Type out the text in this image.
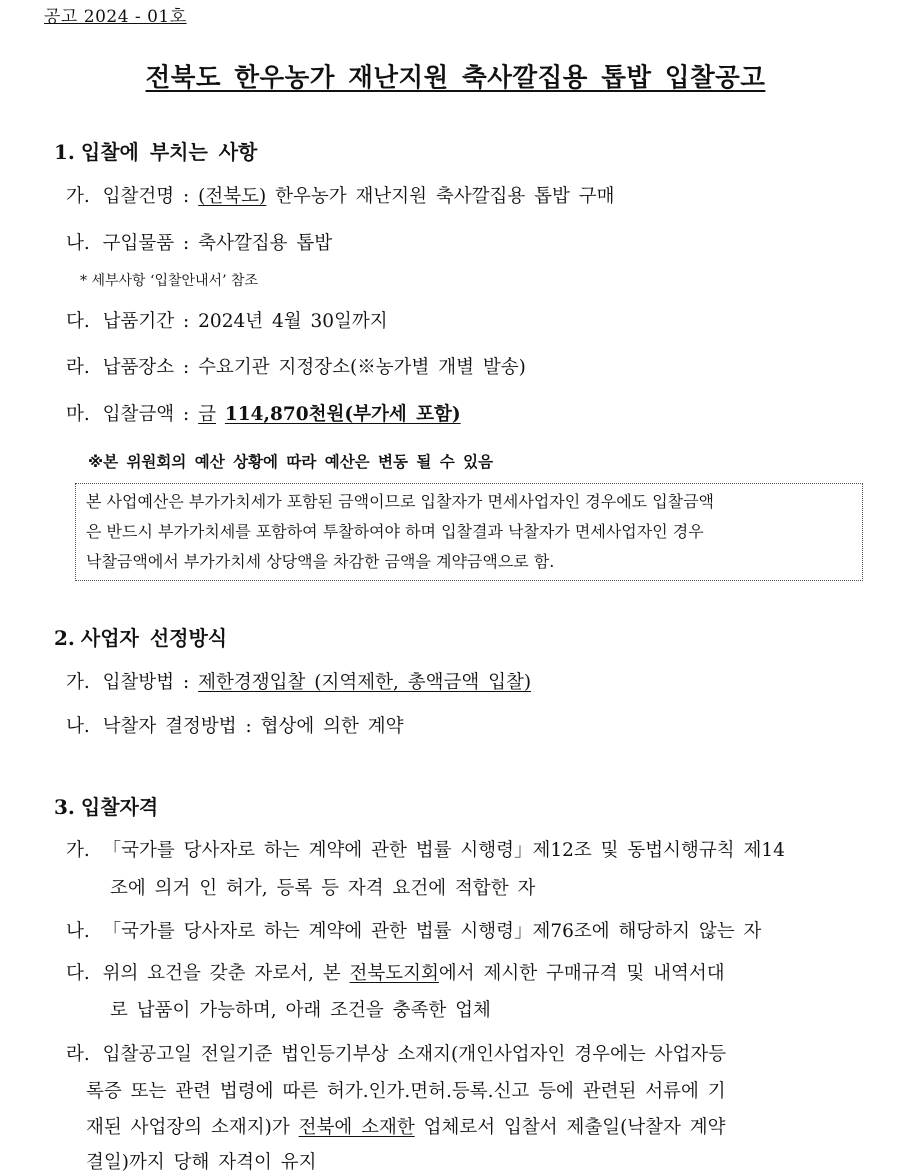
공고 2024 - 01호
전북도 한우농가 재난지원 축사깔집용 톱밥 입찰공고
1. 입찰에 부치는 사항
가. 입찰건명 : (전북도) 한우농가 재난지원 축사깔집용 톱밥 구매
나. 구입물품 : 축사깔집용 톱밥
* 세부사항 ‘입찰안내서’ 참조
다. 납품기간 : 2024년 4월 30일까지
라. 납품장소 : 수요기관 지정장소(※농가별 개별 발송)
마. 입찰금액 : 금 114,870천원(부가세 포함)
※본 위원회의 예산 상황에 따라 예산은 변동 될 수 있음
본 사업예산은 부가가치세가 포함된 금액이므로 입찰자가 면세사업자인 경우에도 입찰금액
은 반드시 부가가치세를 포함하여 투찰하여야 하며 입찰결과 낙찰자가 면세사업자인 경우
낙찰금액에서 부가가치세 상당액을 차감한 금액을 계약금액으로 함.
2. 사업자 선정방식
가. 입찰방법 : 제한경쟁입찰 (지역제한, 총액금액 입찰)
나. 낙찰자 결정방법 : 협상에 의한 계약
3. 입찰자격
가. 「국가를 당사자로 하는 계약에 관한 법률 시행령」제12조 및 동법시행규칙 제14
조에 의거 인 허가, 등록 등 자격 요건에 적합한 자
나. 「국가를 당사자로 하는 계약에 관한 법률 시행령」제76조에 해당하지 않는 자
다. 위의 요건을 갖춘 자로서, 본 전북도지회에서 제시한 구매규격 및 내역서대
로 납품이 가능하며, 아래 조건을 충족한 업체
라. 입찰공고일 전일기준 법인등기부상 소재지(개인사업자인 경우에는 사업자등
록증 또는 관련 법령에 따른 허가.인가.면허.등록.신고 등에 관련된 서류에 기
재된 사업장의 소재지)가 전북에 소재한 업체로서 입찰서 제출일(낙찰자 계약
결일)까지 당해 자격이 유지
